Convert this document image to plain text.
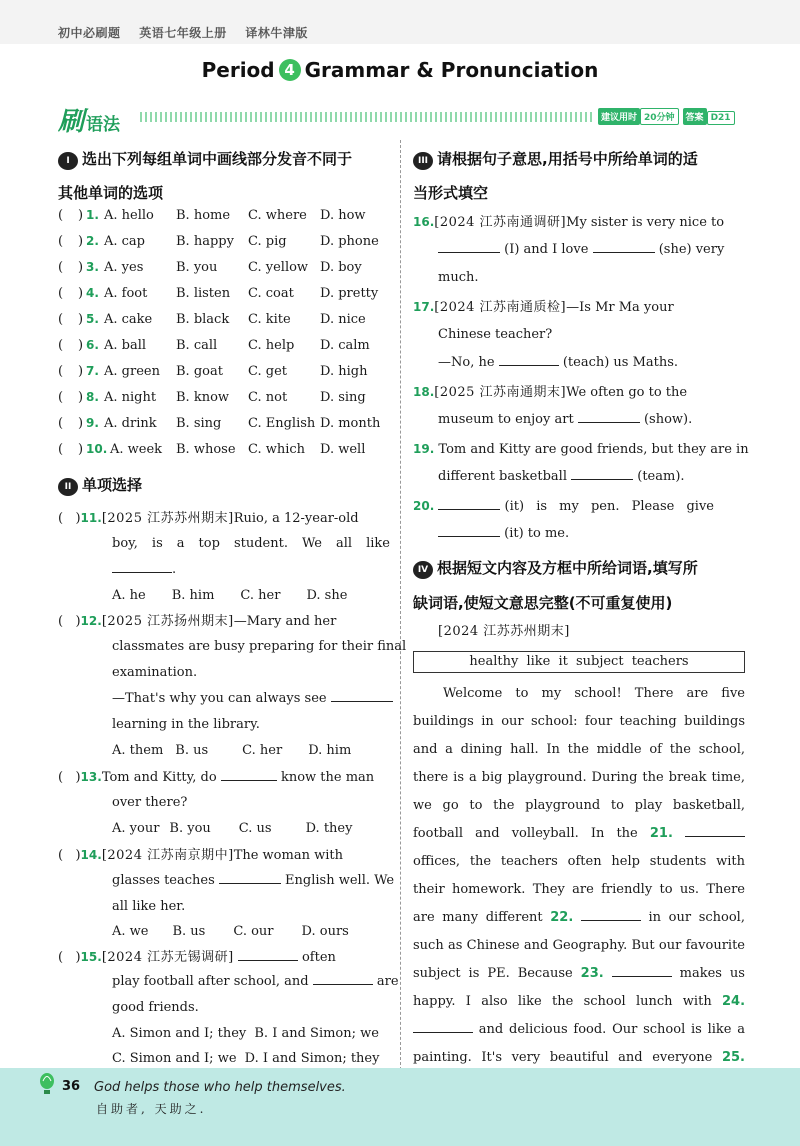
初中必刷题 英语七年级上册 译林牛津版
Period 4 Grammar & Pronunciation
刷语法	建议用时 20分钟 答案 D21
I 选出下列每组单词中画线部分发音不同于
其他单词的选项
( ) 1. A. hello B. home C. where D. how
( ) 2. A. cap B. happy C. pig	D. phone
( ) 3. A. yes	B. you C. yellow D. boy
( ) 4. A. foot B. listen C. coat D. pretty
( ) 5. A. cake B. black C. kite D. nice
( ) 6. A. ball B. call C. help D. calm
( ) 7. A. green B. goat C. get	D. high
( ) 8. A. night B. know C. not	D. sing
( ) 9. A. drink B. sing C. English D. month
( ) 10. A. week B. whose C. which D. well
II 单项选择
(   )11.[2025 江苏苏州期末]Ruio, a 12-year-old
boy, is a top student. We all like
.
A. he B. him C. her D. she
(   )12.[2025 江苏扬州期末]—Mary and her
classmates are busy preparing for their final
examination.
—That's why you can always see
learning in the library.
A. them B. us	C. her D. him
(   )13.Tom and Kitty, do	know the man
over there?
A. your B. you C. us	D. they
(   )14.[2024 江苏南京期中]The woman with
glasses teaches	English well. We
all like her.
A. we B. us C. our D. ours
(   )15.[2024 江苏无锡调研]	often
play football after school, and	are
good friends.
A. Simon and I; they B. I and Simon; we
C. Simon and I; we D. I and Simon; they
III 请根据句子意思,用括号中所给单词的适
当形式填空
16.[2024 江苏南通调研]My sister is very nice to
(I) and I love	(she) very
much.
17.[2024 江苏南通质检]—Is Mr Ma your
Chinese teacher?
—No, he	(teach) us Maths.
18.[2025 江苏南通期末]We often go to the
museum to enjoy art	(show).
19. Tom and Kitty are good friends, but they are in
different basketball	(team).
20.	(it) is my pen. Please give
(it) to me.
IV 根据短文内容及方框中所给词语,填写所
缺词语,使短文意思完整(不可重复使用)
[2024 江苏苏州期末]
healthy like it subject teachers
Welcome to my school! There are five buildings in our school: four teaching buildings and a dining hall. In the middle of the school, there is a big playground. During the break time, we go to the playground to play basketball, football and volleyball. In the 21.  offices, the teachers often help students with their homework. They are friendly to us. There are many different 22.	in our school, such as Chinese and Geography. But our favourite subject is PE. Because 23.	makes us happy. I also like the school lunch with 24.  and delicious food. Our school is like a painting. It's very beautiful and everyone 25.
36 God helps those who help themselves.
自助者, 天助之.
